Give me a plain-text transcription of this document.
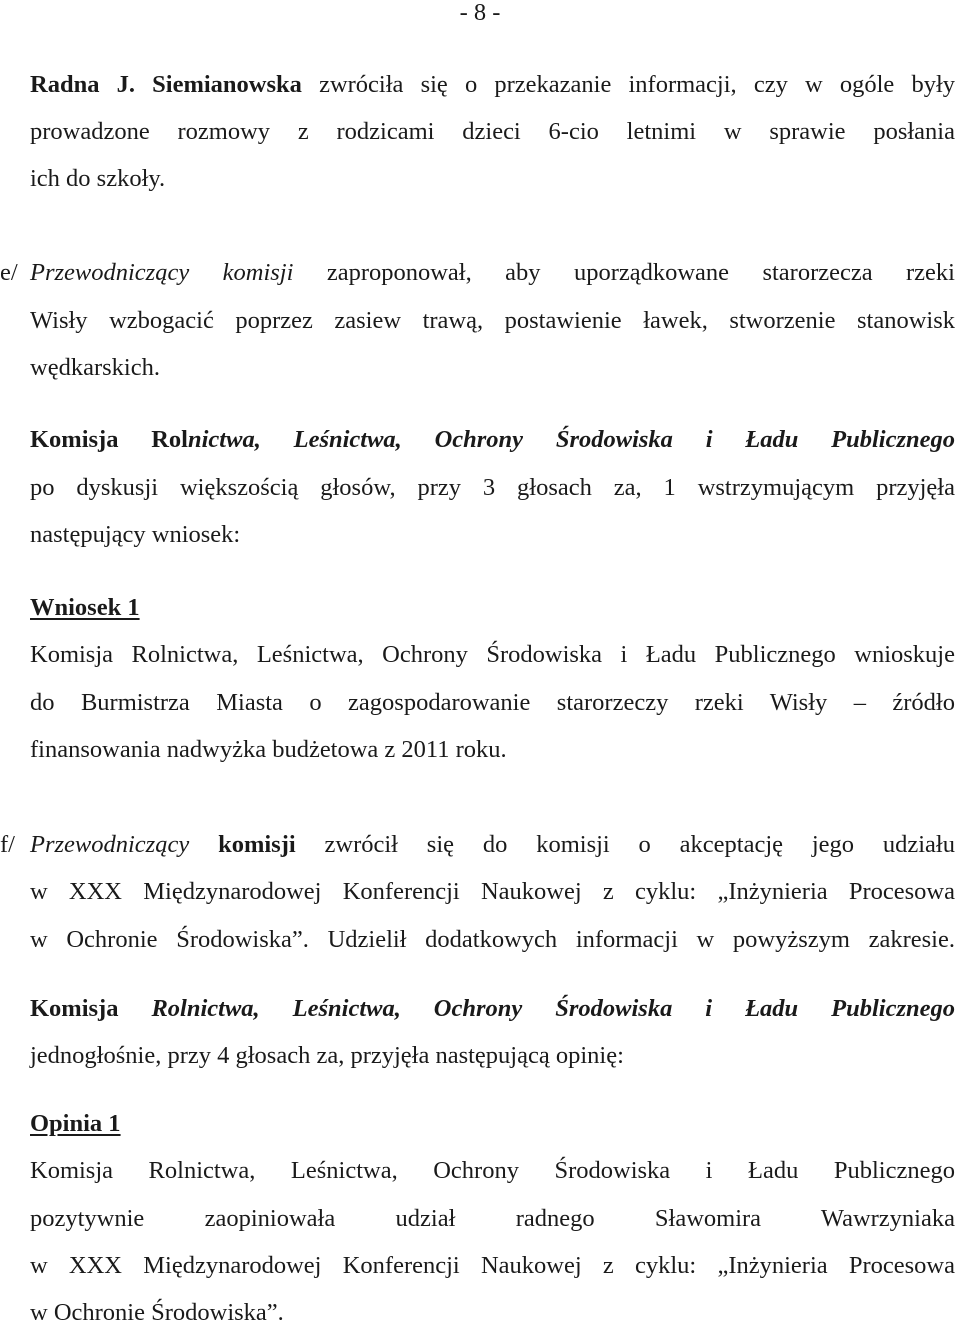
- 8 -
Radna J. Siemianowska zwróciła się o przekazanie informacji, czy w ogóle były
prowadzone rozmowy z rodzicami dzieci 6-cio letnimi w sprawie posłania
ich do szkoły.
e/ Przewodniczący komisji zaproponował, aby uporządkowane starorzecza rzeki
Wisły wzbogacić poprzez zasiew trawą, postawienie ławek, stworzenie stanowisk
wędkarskich.
Komisja Rolnictwa, Leśnictwa, Ochrony Środowiska i Ładu Publicznego
po dyskusji większością głosów, przy 3 głosach za, 1 wstrzymującym przyjęła
następujący wniosek:
Wniosek 1
Komisja Rolnictwa, Leśnictwa, Ochrony Środowiska i Ładu Publicznego wnioskuje
do Burmistrza Miasta o zagospodarowanie starorzeczy rzeki Wisły – źródło
finansowania nadwyżka budżetowa z 2011 roku.
f/ Przewodniczący komisji zwrócił się do komisji o akceptację jego udziału
w XXX Międzynarodowej Konferencji Naukowej z cyklu: „Inżynieria Procesowa
w Ochronie Środowiska”. Udzielił dodatkowych informacji w powyższym zakresie.
Komisja Rolnictwa, Leśnictwa, Ochrony Środowiska i Ładu Publicznego
jednogłośnie, przy 4 głosach za, przyjęła następującą opinię:
Opinia 1
Komisja Rolnictwa, Leśnictwa, Ochrony Środowiska i Ładu Publicznego
pozytywnie zaopiniowała udział radnego Sławomira Wawrzyniaka
w XXX Międzynarodowej Konferencji Naukowej z cyklu: „Inżynieria Procesowa
w Ochronie Środowiska”.
